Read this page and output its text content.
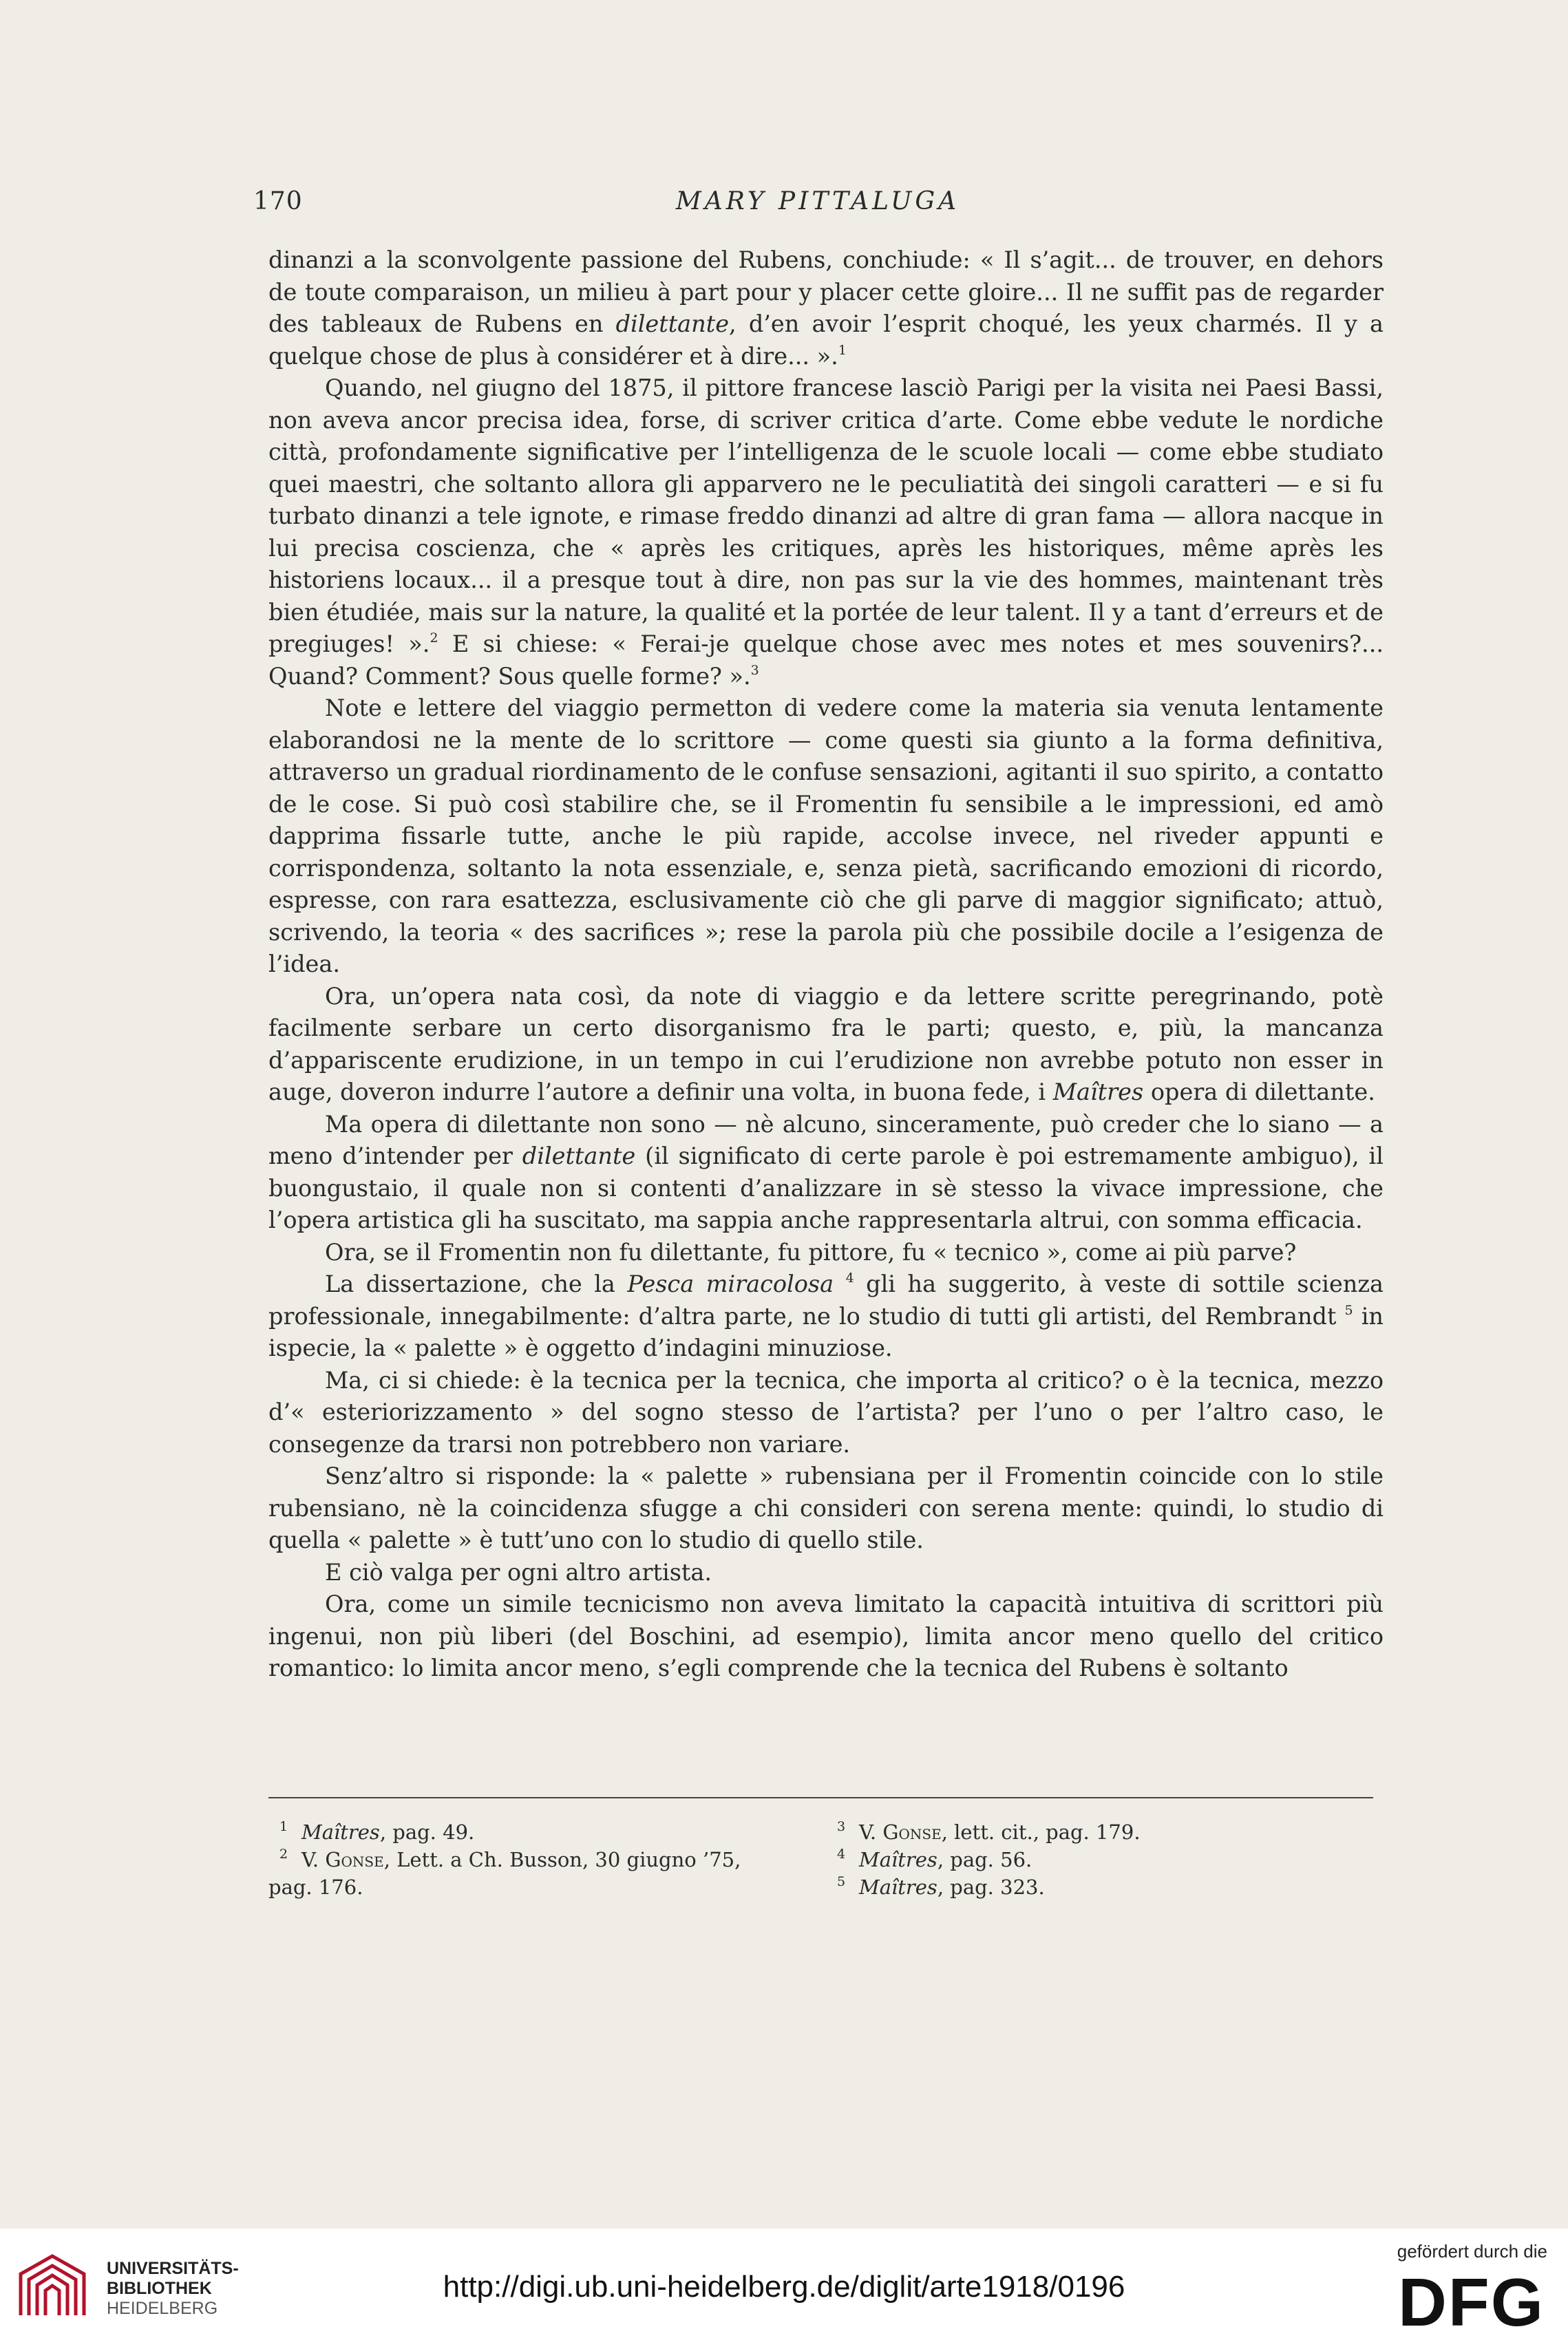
170	MARY PITTALUGA

dinanzi a la sconvolgente passione del Rubens, conchiude: « Il s’agit... de trouver, en dehors de toute comparaison, un milieu à part pour y placer cette gloire... Il ne suffit pas de regarder des tableaux de Rubens en dilettante, d’en avoir l’esprit choqué, les yeux charmés. Il y a quelque chose de plus à considérer et à dire... ».$^1$

Quando, nel giugno del 1875, il pittore francese lasciò Parigi per la visita nei Paesi Bassi, non aveva ancor precisa idea, forse, di scriver critica d’arte. Come ebbe vedute le nordiche città, profondamente significative per l’intelligenza de le scuole locali — come ebbe studiato quei maestri, che soltanto allora gli apparvero ne le peculiatità dei singoli caratteri — e si fu turbato dinanzi a tele ignote, e rimase freddo dinanzi ad altre di gran fama — allora nacque in lui precisa coscienza, che « après les critiques, après les historiques, même après les historiens locaux... il a presque tout à dire, non pas sur la vie des hommes, maintenant très bien étudiée, mais sur la nature, la qualité et la portée de leur talent. Il y a tant d’erreurs et de pregiuges! ».$^2$ E si chiese: « Ferai-je quelque chose avec mes notes et mes souvenirs?... Quand? Comment? Sous quelle forme? ».$^3$

Note e lettere del viaggio permetton di vedere come la materia sia venuta lentamente elaborandosi ne la mente de lo scrittore — come questi sia giunto a la forma definitiva, attraverso un gradual riordinamento de le confuse sensazioni, agitanti il suo spirito, a contatto de le cose. Si può così stabilire che, se il Fromentin fu sensibile a le impressioni, ed amò dapprima fissarle tutte, anche le più rapide, accolse invece, nel riveder appunti e corrispondenza, soltanto la nota essenziale, e, senza pietà, sacrificando emozioni di ricordo, espresse, con rara esattezza, esclusivamente ciò che gli parve di maggior significato; attuò, scrivendo, la teoria « des sacrifices »; rese la parola più che possibile docile a l’esigenza de l’idea.

Ora, un’opera nata così, da note di viaggio e da lettere scritte peregrinando, potè facilmente serbare un certo disorganismo fra le parti; questo, e, più, la mancanza d’appariscente erudizione, in un tempo in cui l’erudizione non avrebbe potuto non esser in auge, doveron indurre l’autore a definir una volta, in buona fede, i Maîtres opera di dilettante.

Ma opera di dilettante non sono — nè alcuno, sinceramente, può creder che lo siano — a meno d’intender per dilettante (il significato di certe parole è poi estremamente ambiguo), il buongustaio, il quale non si contenti d’analizzare in sè stesso la vivace impressione, che l’opera artistica gli ha suscitato, ma sappia anche rappresentarla altrui, con somma efficacia.

Ora, se il Fromentin non fu dilettante, fu pittore, fu « tecnico », come ai più parve?

La dissertazione, che la Pesca miracolosa $^4$ gli ha suggerito, à veste di sottile scienza professionale, innegabilmente: d’altra parte, ne lo studio di tutti gli artisti, del Rembrandt $^5$ in ispecie, la « palette » è oggetto d’indagini minuziose.

Ma, ci si chiede: è la tecnica per la tecnica, che importa al critico? o è la tecnica, mezzo d’« esteriorizzamento » del sogno stesso de l’artista? per l’uno o per l’altro caso, le consegenze da trarsi non potrebbero non variare.

Senz’altro si risponde: la « palette » rubensiana per il Fromentin coincide con lo stile rubensiano, nè la coincidenza sfugge a chi consideri con serena mente: quindi, lo studio di quella « palette » è tutt’uno con lo studio di quello stile.

E ciò valga per ogni altro artista.

Ora, come un simile tecnicismo non aveva limitato la capacità intuitiva di scrittori più ingenui, non più liberi (del Boschini, ad esempio), limita ancor meno quello del critico romantico: lo limita ancor meno, s’egli comprende che la tecnica del Rubens è soltanto

1 Maîtres, pag. 49.
2 V. Gonse, Lett. a Ch. Busson, 30 giugno ’75,
pag. 176.
3 V. Gonse, lett. cit., pag. 179.
4 Maîtres, pag. 56.
5 Maîtres, pag. 323.
UNIVERSITÄTS-
BIBLIOTHEK
HEIDELBERG
http://digi.ub.uni-heidelberg.de/diglit/arte1918/0196
gefördert durch die
DFG
